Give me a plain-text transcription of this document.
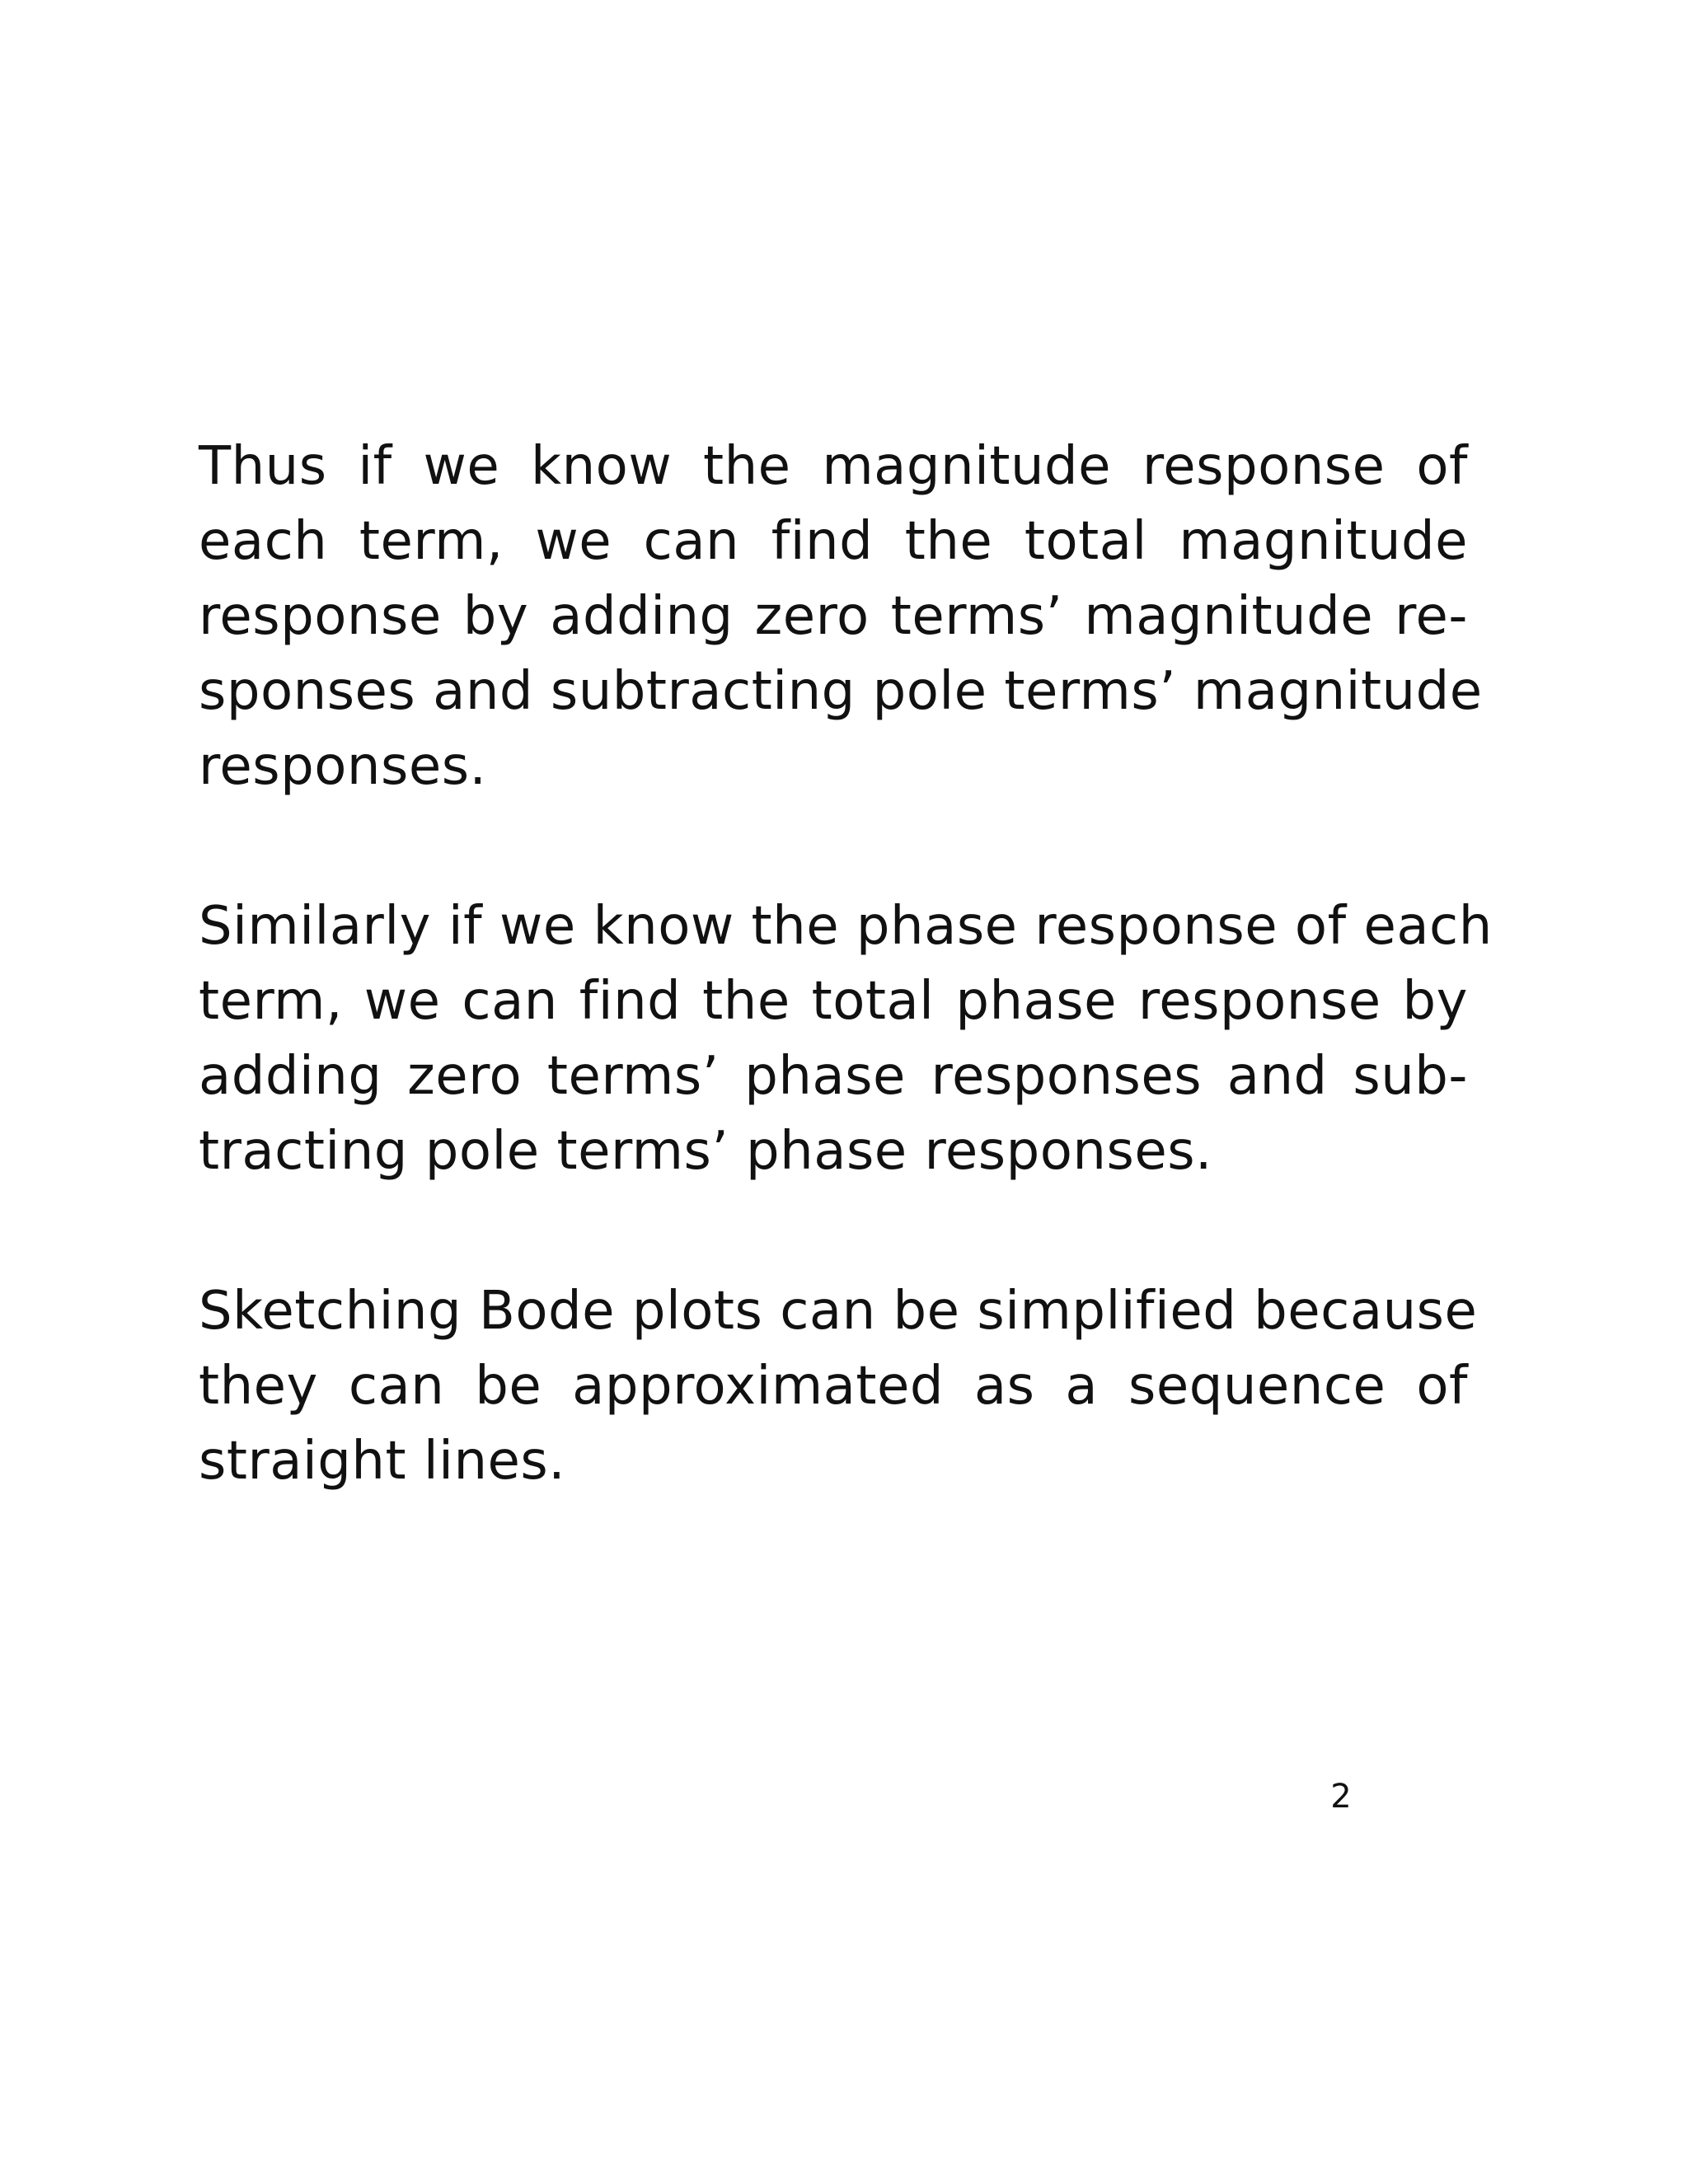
Thus if we know the magnitude response of
each term, we can find the total magnitude
response by adding zero terms’ magnitude re-
sponses and subtracting pole terms’ magnitude
responses.

Similarly if we know the phase response of each
term, we can find the total phase response by
adding zero terms’ phase responses and sub-
tracting pole terms’ phase responses.

Sketching Bode plots can be simplified because
they can be approximated as a sequence of
straight lines.

2
